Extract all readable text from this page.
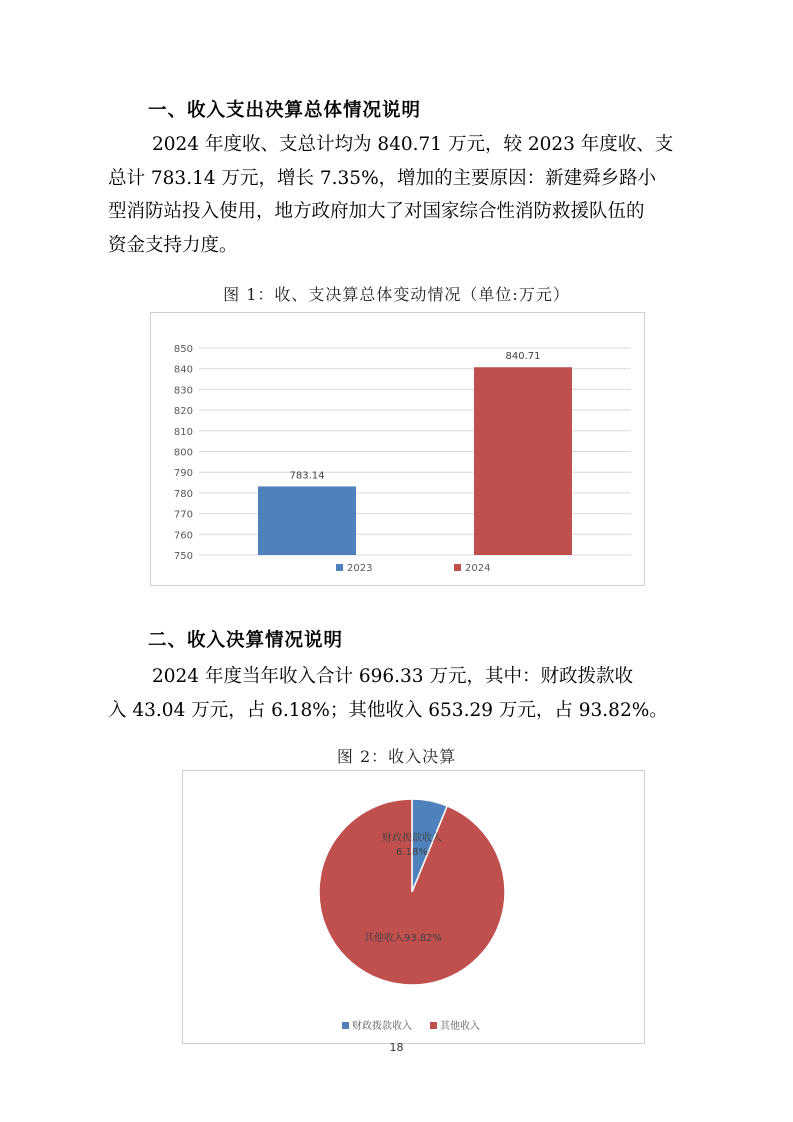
一、收入支出决算总体情况说明

2024 年度收、支总计均为 840.71 万元，较 2023 年度收、支
总计 783.14 万元，增长 7.35%，增加的主要原因：新建舜乡路小
型消防站投入使用，地方政府加大了对国家综合性消防救援队伍的
资金支持力度。

图 1：收、支决算总体变动情况（单位:万元）

750
760
770
780
790
800
810
820
830
840
850
783.14
840.71
2023	2024
二、收入决算情况说明

2024 年度当年收入合计 696.33 万元，其中：财政拨款收
入 43.04 万元，占 6.18%；其他收入 653.29 万元，占 93.82%。

图 2：收入决算

财政拨款收入
6.18%
其他收入93.82%
财政拨款收入	其他收入
18
